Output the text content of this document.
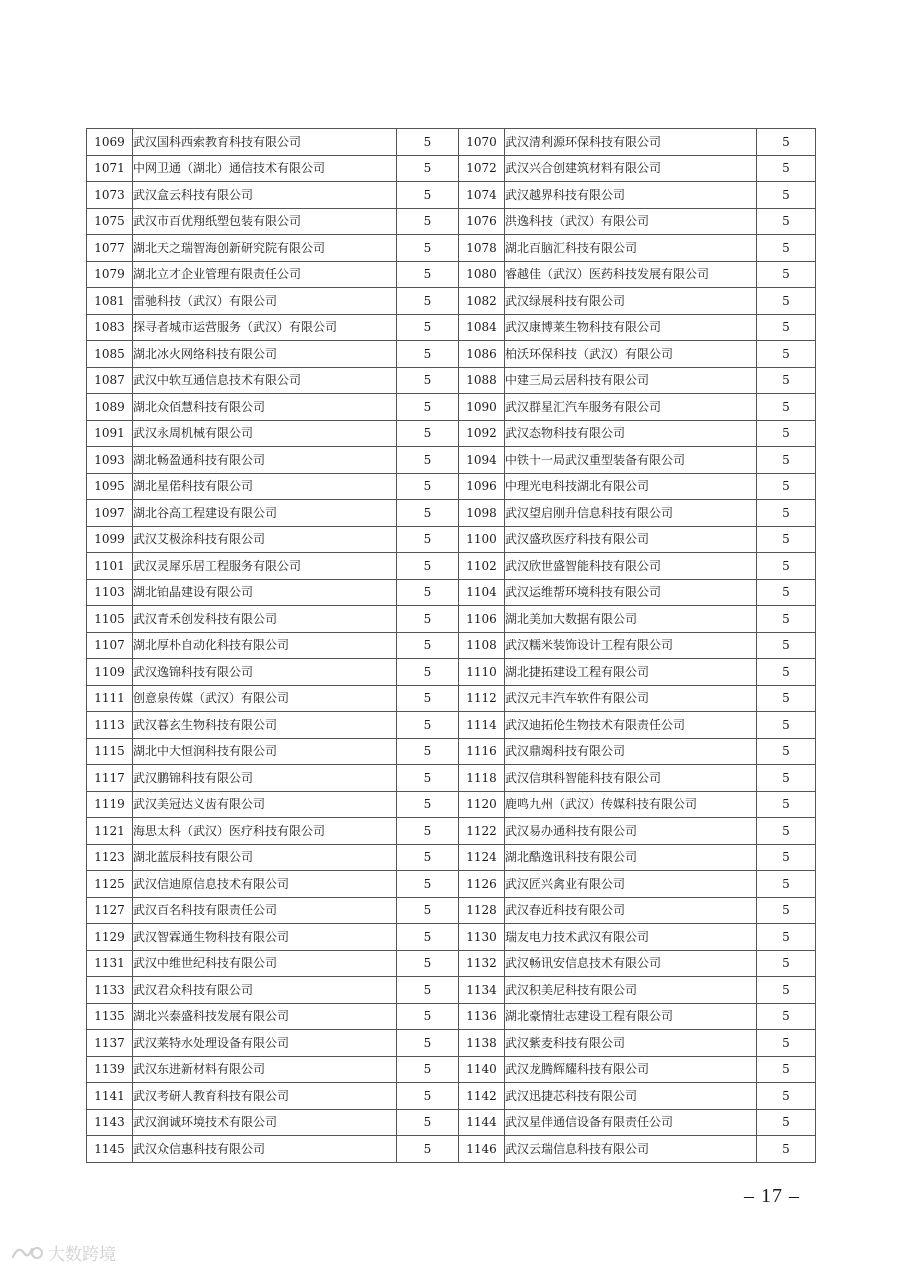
1069	武汉国科西索教育科技有限公司	5	1070	武汉清利源环保科技有限公司	5
1071	中网卫通（湖北）通信技术有限公司	5	1072	武汉兴合创建筑材料有限公司	5
1073	武汉盒云科技有限公司	5	1074	武汉越界科技有限公司	5
1075	武汉市百优翔纸塑包装有限公司	5	1076	洪逸科技（武汉）有限公司	5
1077	湖北天之瑞智海创新研究院有限公司	5	1078	湖北百脑汇科技有限公司	5
1079	湖北立才企业管理有限责任公司	5	1080	睿越佳（武汉）医药科技发展有限公司	5
1081	雷驰科技（武汉）有限公司	5	1082	武汉绿展科技有限公司	5
1083	探寻者城市运营服务（武汉）有限公司	5	1084	武汉康博莱生物科技有限公司	5
1085	湖北冰火网络科技有限公司	5	1086	柏沃环保科技（武汉）有限公司	5
1087	武汉中软互通信息技术有限公司	5	1088	中建三局云居科技有限公司	5
1089	湖北众佰慧科技有限公司	5	1090	武汉群星汇汽车服务有限公司	5
1091	武汉永周机械有限公司	5	1092	武汉态物科技有限公司	5
1093	湖北畅盈通科技有限公司	5	1094	中铁十一局武汉重型装备有限公司	5
1095	湖北星偌科技有限公司	5	1096	中理光电科技湖北有限公司	5
1097	湖北谷高工程建设有限公司	5	1098	武汉望启刚升信息科技有限公司	5
1099	武汉艾极涂科技有限公司	5	1100	武汉盛玖医疗科技有限公司	5
1101	武汉灵犀乐居工程服务有限公司	5	1102	武汉欣世盛智能科技有限公司	5
1103	湖北铂晶建设有限公司	5	1104	武汉运维帮环境科技有限公司	5
1105	武汉青禾创发科技有限公司	5	1106	湖北美加大数据有限公司	5
1107	湖北厚朴自动化科技有限公司	5	1108	武汉糯米装饰设计工程有限公司	5
1109	武汉逸锦科技有限公司	5	1110	湖北捷拓建设工程有限公司	5
1111	创意泉传媒（武汉）有限公司	5	1112	武汉元丰汽车软件有限公司	5
1113	武汉暮玄生物科技有限公司	5	1114	武汉迪拓伦生物技术有限责任公司	5
1115	湖北中大恒润科技有限公司	5	1116	武汉鼎竭科技有限公司	5
1117	武汉鹏锦科技有限公司	5	1118	武汉信琪科智能科技有限公司	5
1119	武汉美冠达义齿有限公司	5	1120	鹿鸣九州（武汉）传媒科技有限公司	5
1121	海思太科（武汉）医疗科技有限公司	5	1122	武汉易办通科技有限公司	5
1123	湖北蓝辰科技有限公司	5	1124	湖北酷逸讯科技有限公司	5
1125	武汉信迪原信息技术有限公司	5	1126	武汉匠兴禽业有限公司	5
1127	武汉百名科技有限责任公司	5	1128	武汉春近科技有限公司	5
1129	武汉智霖通生物科技有限公司	5	1130	瑞友电力技术武汉有限公司	5
1131	武汉中维世纪科技有限公司	5	1132	武汉畅讯安信息技术有限公司	5
1133	武汉君众科技有限公司	5	1134	武汉积美尼科技有限公司	5
1135	湖北兴泰盛科技发展有限公司	5	1136	湖北豪情壮志建设工程有限公司	5
1137	武汉莱特水处理设备有限公司	5	1138	武汉紫麦科技有限公司	5
1139	武汉东进新材料有限公司	5	1140	武汉龙腾辉耀科技有限公司	5
1141	武汉考研人教育科技有限公司	5	1142	武汉迅捷芯科技有限公司	5
1143	武汉润诚环境技术有限公司	5	1144	武汉星伴通信设备有限责任公司	5
1145	武汉众信惠科技有限公司	5	1146	武汉云瑞信息科技有限公司	5
– 17 –
大数跨境
